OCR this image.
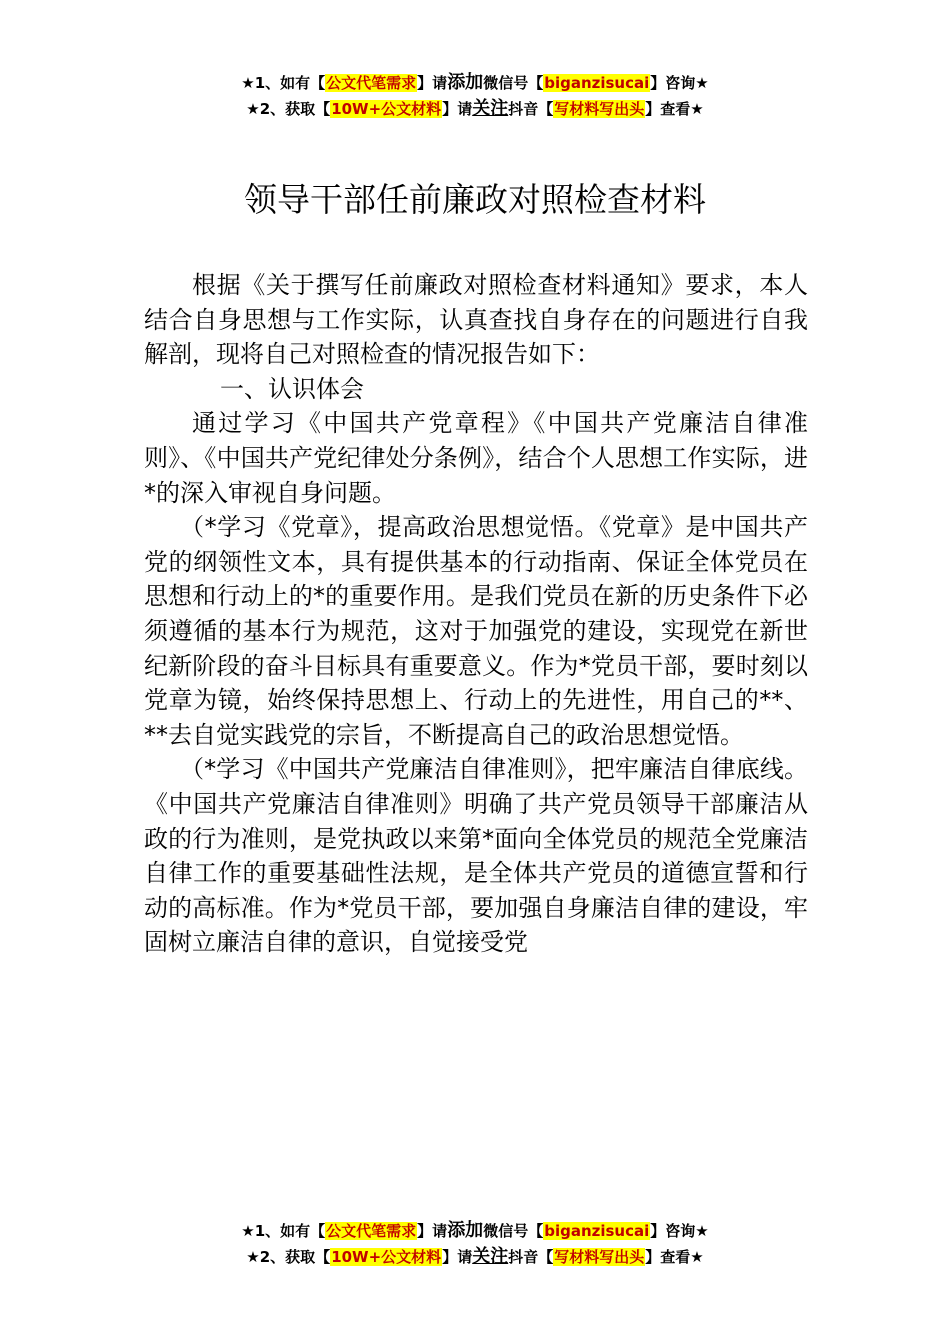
★1、如有【公文代笔需求】请添加微信号【biganzisucai】咨询★
★2、获取【10W+公文材料】请关注抖音【写材料写出头】查看★
领导干部任前廉政对照检查材料

根据《关于撰写任前廉政对照检查材料通知》要求，本人结合自身思想与工作实际，认真查找自身存在的问题进行自我解剖，现将自己对照检查的情况报告如下：

一、认识体会

通过学习《中国共产党章程》《中国共产党廉洁自律准则》、《中国共产党纪律处分条例》，结合个人思想工作实际，进*的深入审视自身问题。

（*学习《党章》，提高政治思想觉悟。《党章》是中国共产党的纲领性文本，具有提供基本的行动指南、保证全体党员在思想和行动上的*的重要作用。是我们党员在新的历史条件下必须遵循的基本行为规范，这对于加强党的建设，实现党在新世纪新阶段的奋斗目标具有重要意义。作为*党员干部，要时刻以党章为镜，始终保持思想上、行动上的先进性，用自己的**、**去自觉实践党的宗旨，不断提高自己的政治思想觉悟。

（*学习《中国共产党廉洁自律准则》，把牢廉洁自律底线。《中国共产党廉洁自律准则》明确了共产党员领导干部廉洁从政的行为准则，是党执政以来第*面向全体党员的规范全党廉洁自律工作的重要基础性法规，是全体共产党员的道德宣誓和行动的高标准。作为*党员干部，要加强自身廉洁自律的建设，牢固树立廉洁自律的意识，自觉接受党

★1、如有【公文代笔需求】请添加微信号【biganzisucai】咨询★
★2、获取【10W+公文材料】请关注抖音【写材料写出头】查看★
